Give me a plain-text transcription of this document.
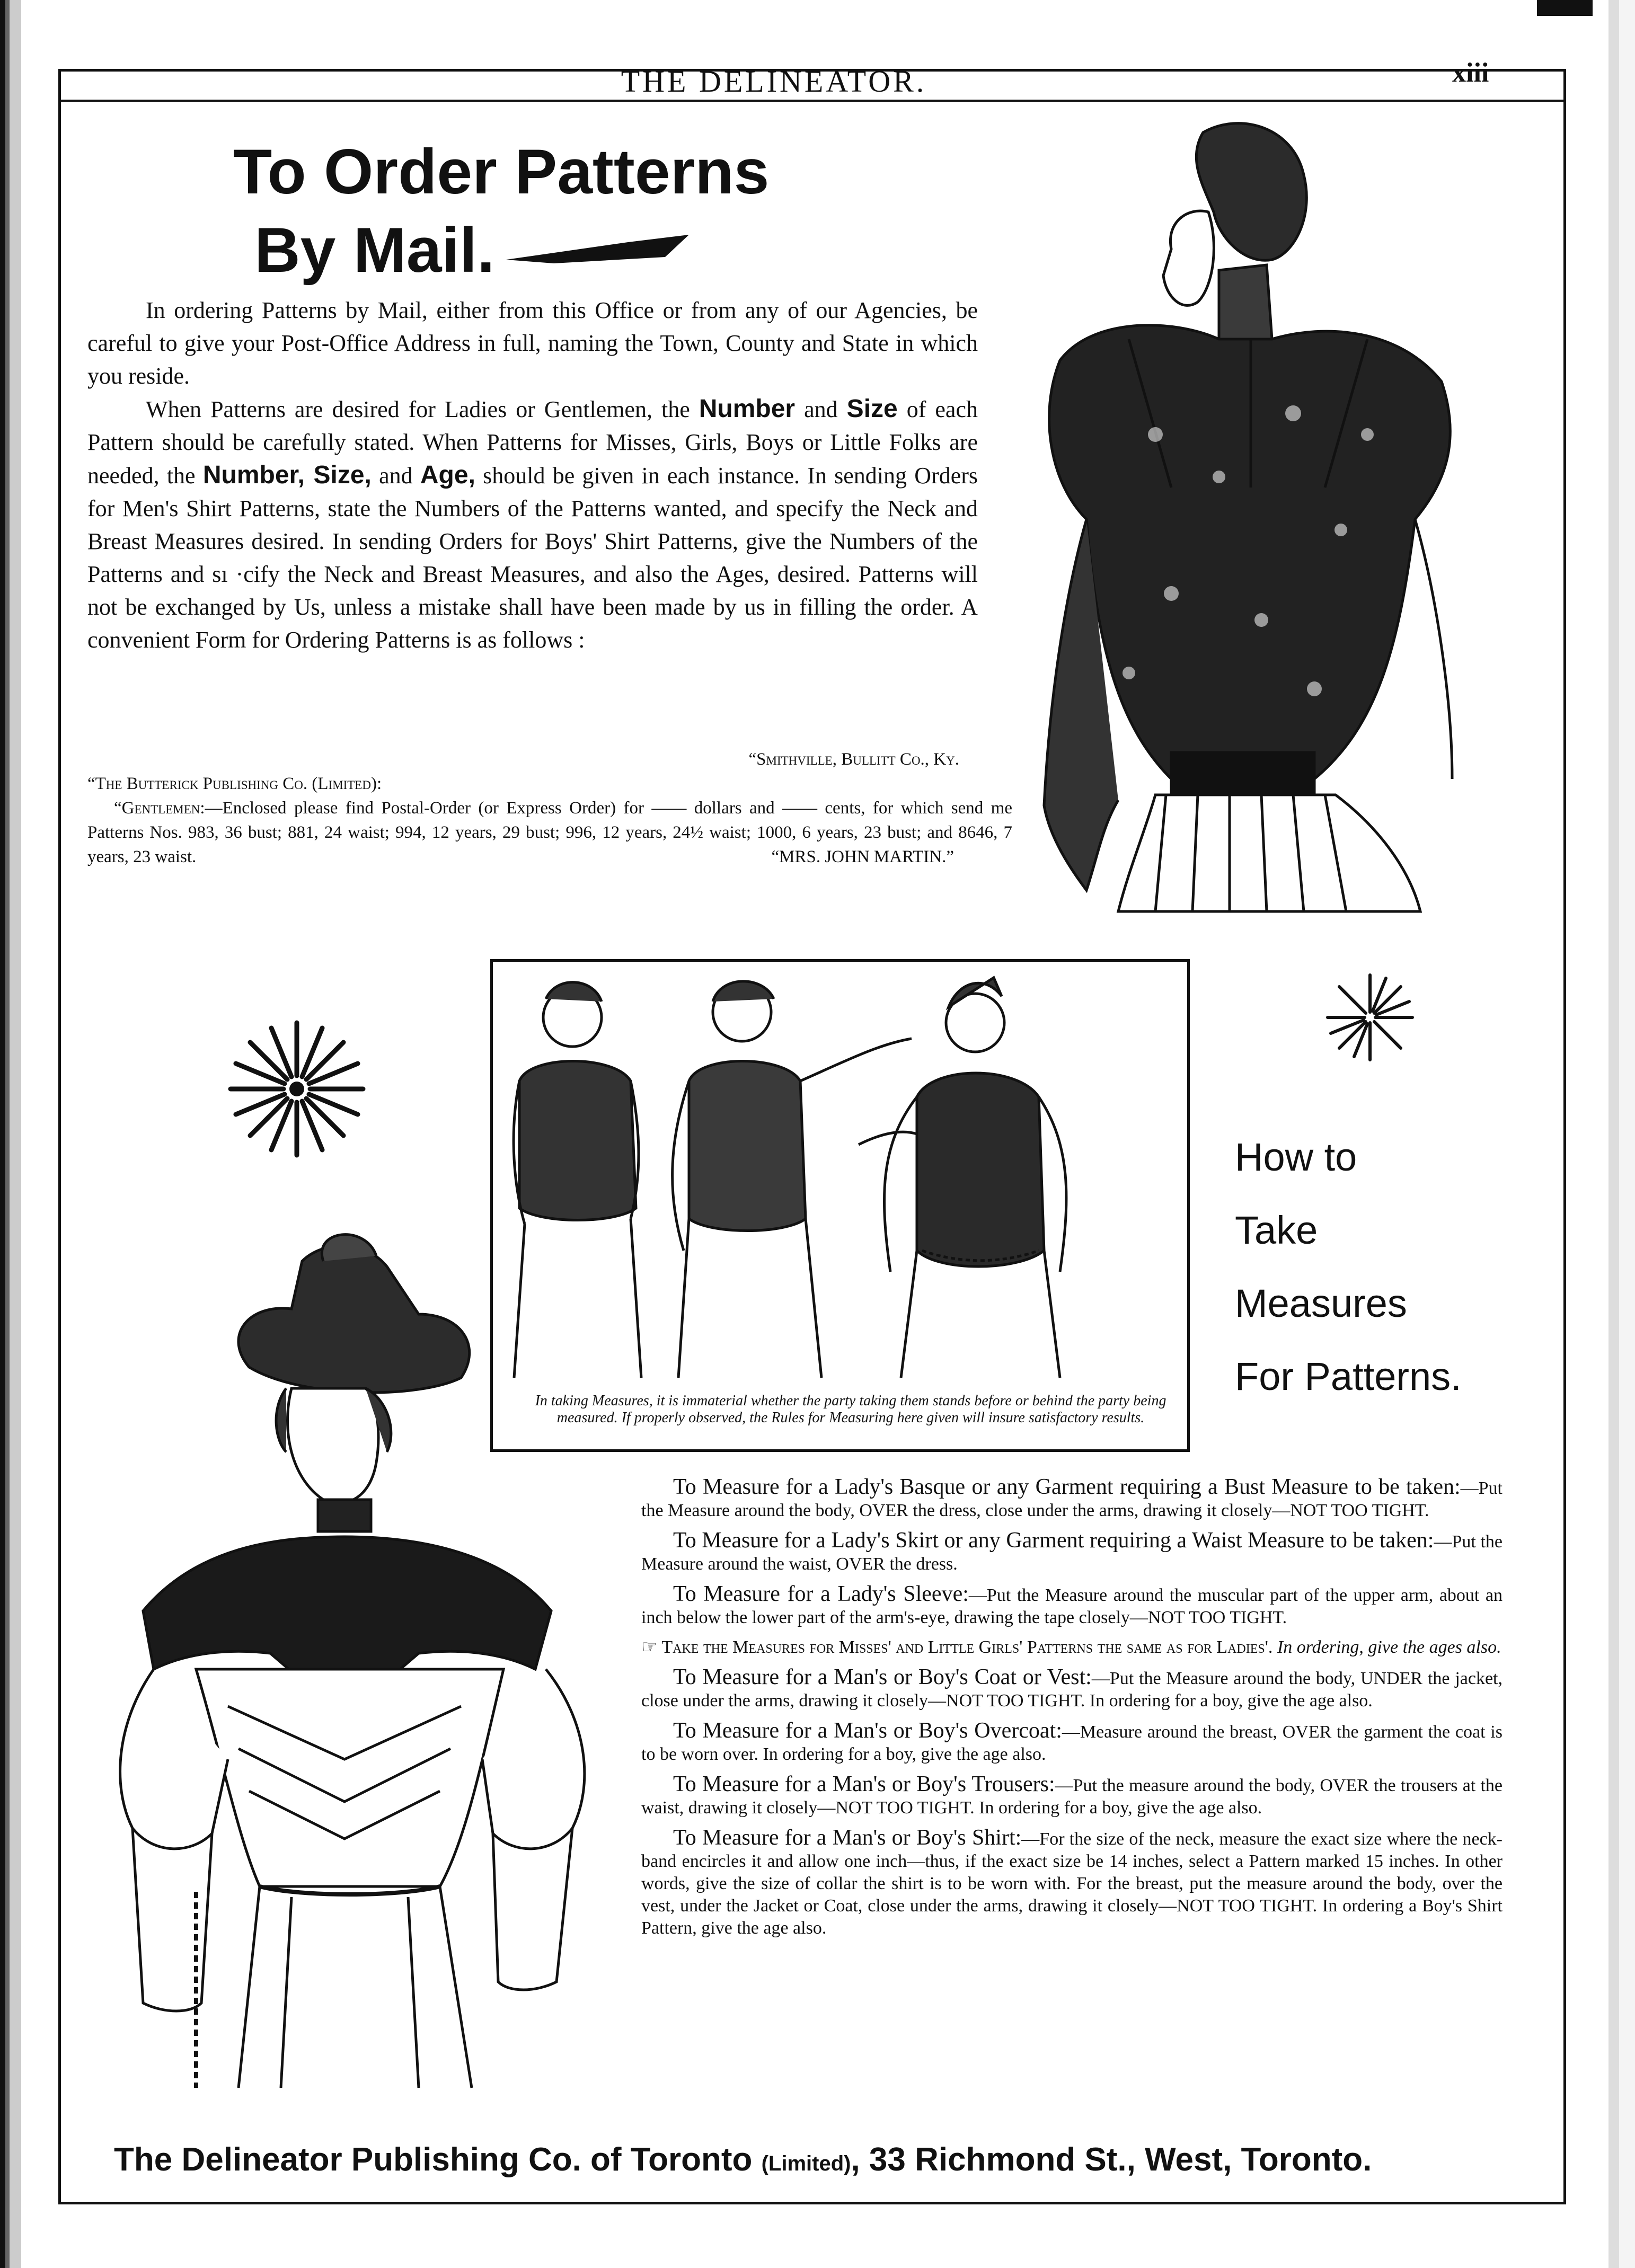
THE DELINEATOR.	xiii
To Order Patterns
By Mail.

In ordering Patterns by Mail, either from this Office or from any of our Agencies, be careful to give your Post-Office Address in full, naming the Town, County and State in which you reside.

When Patterns are desired for Ladies or Gentlemen, the Number and Size of each Pattern should be carefully stated. When Patterns for Misses, Girls, Boys or Little Folks are needed, the Number, Size, and Age, should be given in each instance. In sending Orders for Men's Shirt Patterns, state the Numbers of the Patterns wanted, and specify the Neck and Breast Measures desired. In sending Orders for Boys' Shirt Patterns, give the Numbers of the Patterns and sı ·cify the Neck and Breast Measures, and also the Ages, desired. Patterns will not be exchanged by Us, unless a mistake shall have been made by us in filling the order. A convenient Form for Ordering Patterns is as follows :

“Smithville, Bullitt Co., Ky.
“The Butterick Publishing Co. (Limited):
“Gentlemen:—Enclosed please find Postal-Order (or Express Order) for —— dollars and —— cents, for which send me Patterns Nos. 983, 36 bust; 881, 24 waist; 994, 12 years, 29 bust; 996, 12 years, 24½ waist; 1000, 6 years, 23 bust; and 8646, 7 years, 23 waist.	“MRS. JOHN MARTIN.”
In taking Measures, it is immaterial whether the party taking them stands before or behind the party being measured. If properly observed, the Rules for Measuring here given will insure satisfactory results.
How to
Take
Measures
For Patterns.

To Measure for a Lady's Basque or any Garment requiring a Bust Measure to be taken:—Put the Measure around the body, OVER the dress, close under the arms, drawing it closely—NOT TOO TIGHT.

To Measure for a Lady's Skirt or any Garment requiring a Waist Measure to be taken:—Put the Measure around the waist, OVER the dress.

To Measure for a Lady's Sleeve:—Put the Measure around the muscular part of the upper arm, about an inch below the lower part of the arm's-eye, drawing the tape closely—NOT TOO TIGHT.

☞ Take the Measures for Misses' and Little Girls' Patterns the same as for Ladies'. In ordering, give the ages also.

To Measure for a Man's or Boy's Coat or Vest:—Put the Measure around the body, UNDER the jacket, close under the arms, drawing it closely—NOT TOO TIGHT. In ordering for a boy, give the age also.

To Measure for a Man's or Boy's Overcoat:—Measure around the breast, OVER the garment the coat is to be worn over. In ordering for a boy, give the age also.

To Measure for a Man's or Boy's Trousers:—Put the measure around the body, OVER the trousers at the waist, drawing it closely—NOT TOO TIGHT. In ordering for a boy, give the age also.

To Measure for a Man's or Boy's Shirt:—For the size of the neck, measure the exact size where the neck-band encircles it and allow one inch—thus, if the exact size be 14 inches, select a Pattern marked 15 inches. In other words, give the size of collar the shirt is to be worn with. For the breast, put the measure around the body, over the vest, under the Jacket or Coat, close under the arms, drawing it closely—NOT TOO TIGHT. In ordering a Boy's Shirt Pattern, give the age also.

The Delineator Publishing Co. of Toronto (Limited), 33 Richmond St., West, Toronto.
